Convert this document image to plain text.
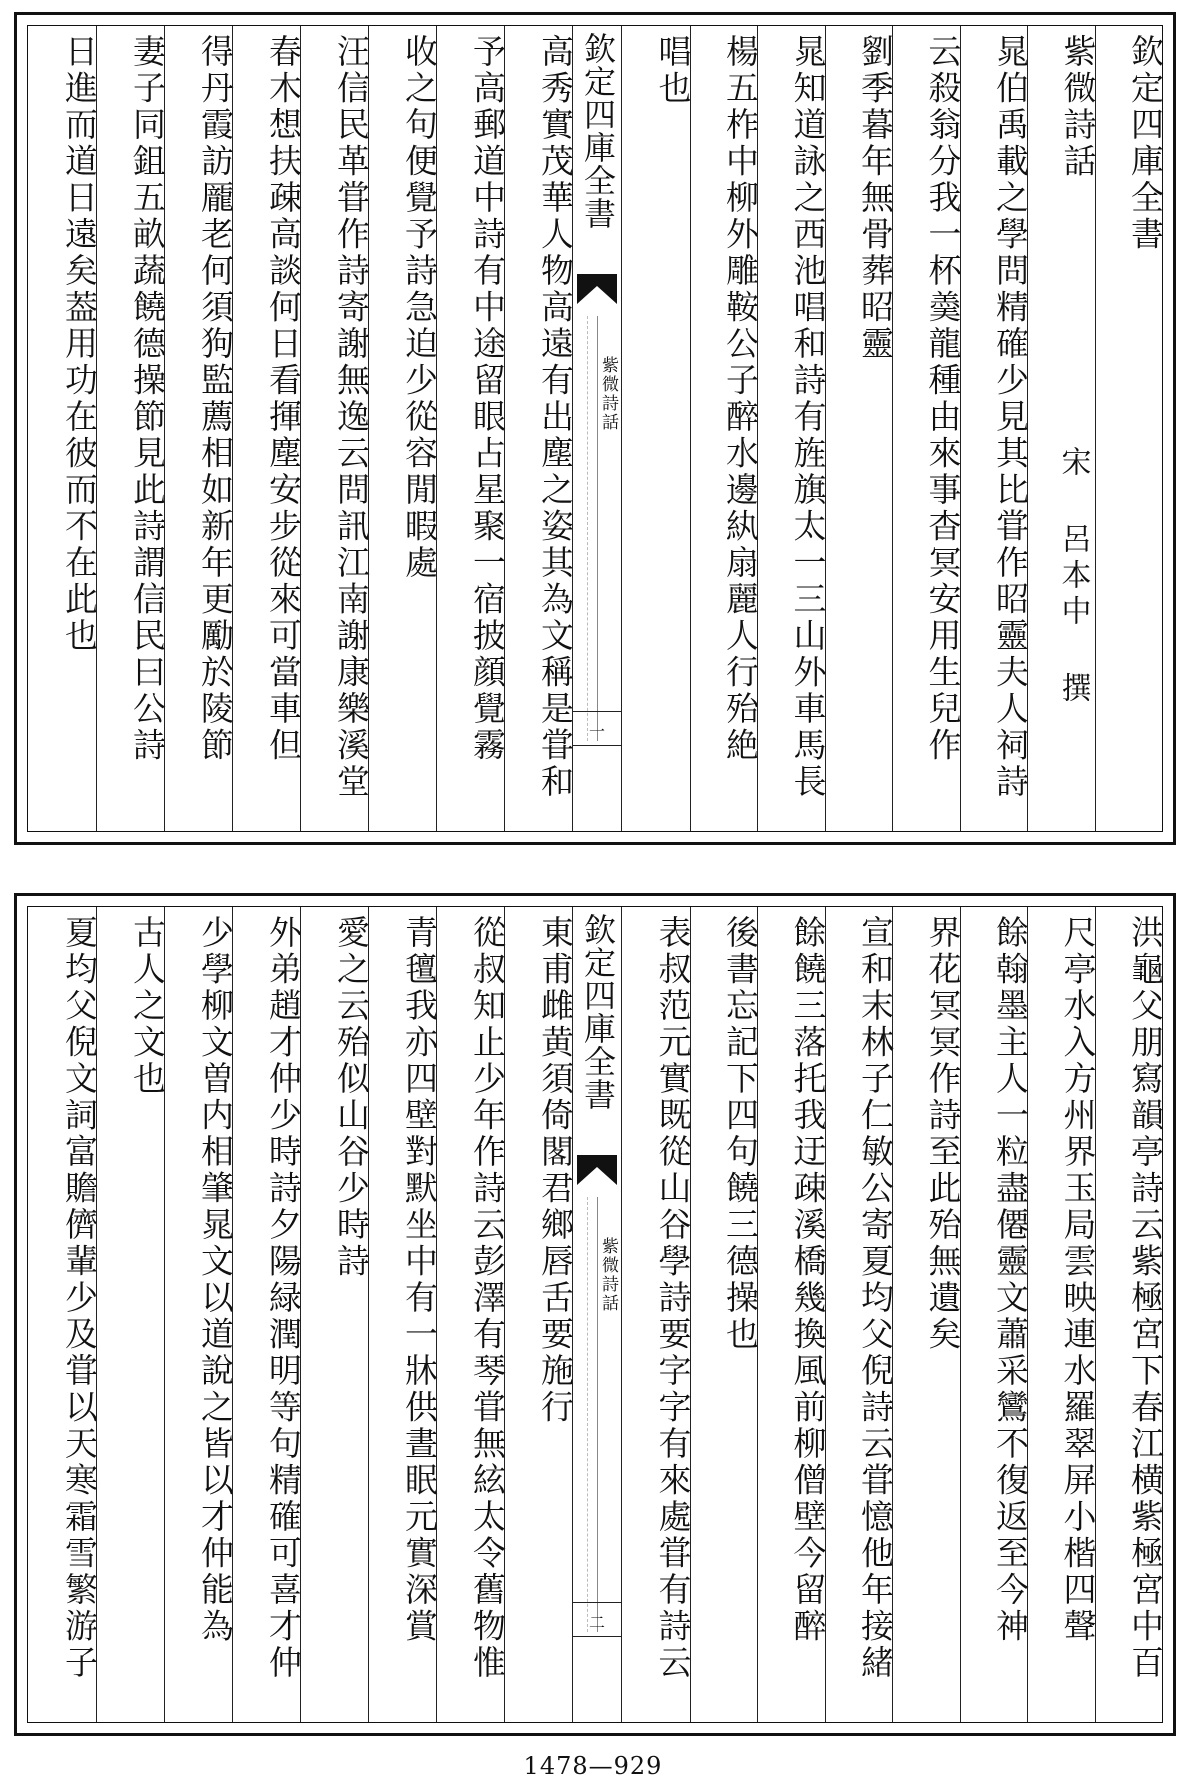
日進而道日遠矣葢用功在彼而不在此也 妻子同鉏五畝蔬饒德操節見此詩謂信民曰公詩 得丹霞訪龎老何須狗監薦相如新年更勵於陵節 春木想扶疎高談何日看揮塵安步從來可當車但 汪信民革甞作詩寄謝無逸云問訊江南謝康樂溪堂 收之句便覺予詩急迫少從容閒暇處 予高郵道中詩有中途留眼占星聚一宿披顔覺霧 高秀實茂華人物高遠有出塵之姿其為文稱是甞和 欽定四庫全書
紫微詩話
一
唱也 楊五柞中柳外雕鞍公子醉水邊紈扇麗人行殆絶 晁知道詠之西池唱和詩有旌旗太一三山外車馬長 劉季暮年無骨葬昭靈 云殺翁分我一杯羮龍種由來事杳冥安用生兒作 晁伯禹載之學問精確少見其比甞作昭靈夫人祠詩 紫微詩話
宋 呂本中 撰
欽定四庫全書
夏均父倪文詞富贍儕輩少及甞以天寒霜雪繁游子 古人之文也 少學柳文曽内相肇晁文以道說之皆以才仲能為 外弟趙才仲少時詩夕陽緑潤明等句精確可喜才仲 愛之云殆似山谷少時詩 青氊我亦四壁對默坐中有一牀供晝眠元實深賞 從叔知止少年作詩云彭澤有琴甞無絃太令舊物惟 東甫雌黄須倚閣君鄉唇舌要施行 欽定四庫全書
紫微詩話
二	表叔范元實既從山谷學詩要字字有來處甞有詩云 後書忘記下四句饒三德操也 餘饒三落托我迂疎溪橋幾換風前柳僧壁今留醉 宣和末林子仁敏公寄夏均父倪詩云甞憶他年接緒 界花冥冥作詩至此殆無遺矣 餘翰墨主人一粒盡僊靈文蕭采鸞不復返至今神 尺亭水入方州界玉局雲映連水羅翠屏小楷四聲 洪龜父朋寫韻亭詩云紫極宮下春江横紫極宮中百
1478—929
